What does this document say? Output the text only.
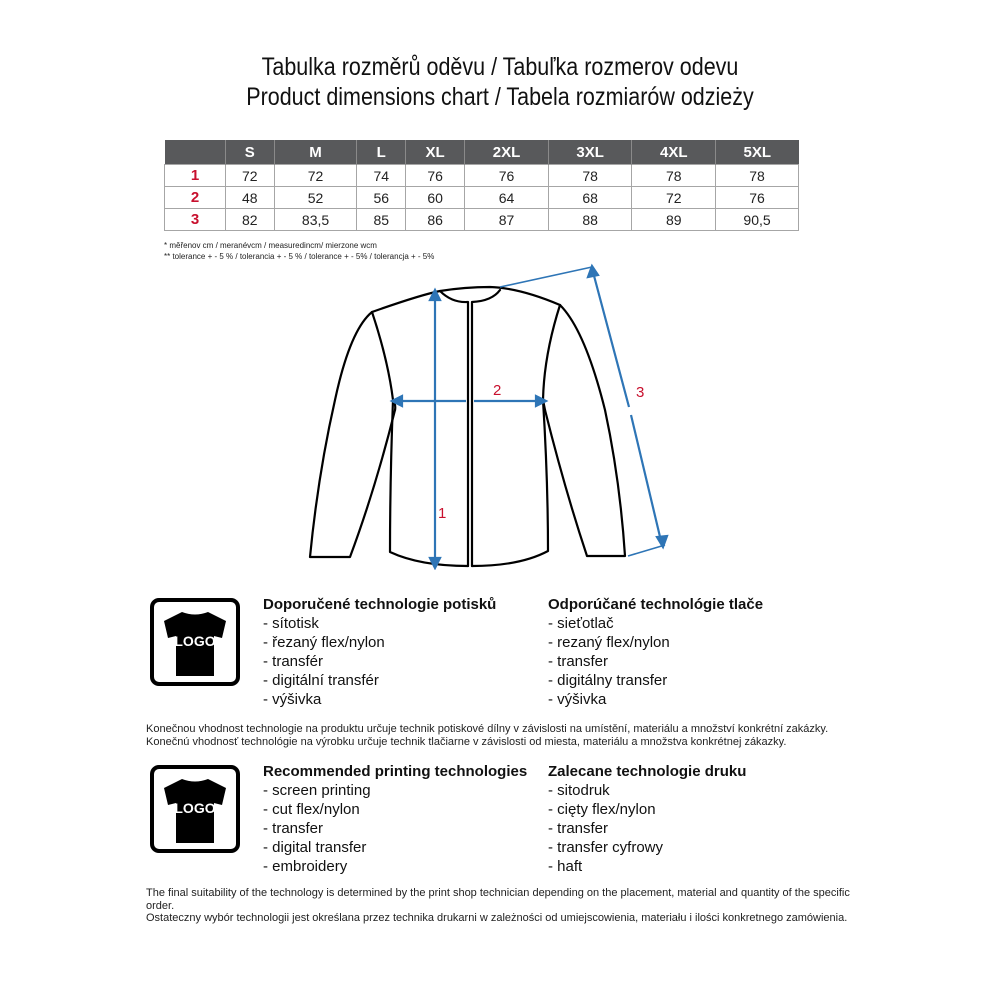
Tabulka rozměrů oděvu / Tabuľka rozmerov odevu
Product dimensions chart / Tabela rozmiarów odzieży
	S	M	L	XL	2XL	3XL	4XL	5XL
1	72	72	74	76	76	78	78	78
2	48	52	56	60	64	68	72	76
3	82	83,5	85	86	87	88	89	90,5
* měřenov cm / meranévcm / measuredincm/ mierzone wcm
** tolerance + - 5 % / tolerancia + - 5 % / tolerance + - 5% / tolerancja + - 5%
1
2	3
LOGO
Doporučené technologie potisků
- sítotisk
- řezaný flex/nylon
- transfér
- digitální transfér
- výšivka
Odporúčané technológie tlače
- sieťotlač
- rezaný flex/nylon
- transfer
- digitálny transfer
- výšivka

Konečnou vhodnost technologie na produktu určuje technik potiskové dílny v závislosti na umístění, materiálu a množství konkrétní zakázky.

Konečnú vhodnosť technológie na výrobku určuje technik tlačiarne v závislosti od miesta, materiálu a množstva konkrétnej zákazky.

LOGO
Recommended printing technologies
- screen printing
- cut flex/nylon
- transfer
- digital transfer
- embroidery
Zalecane technologie druku
- sitodruk
- cięty flex/nylon
- transfer
- transfer cyfrowy
- haft

The final suitability of the technology is determined by the print shop technician depending on the placement, material and quantity of the specific order.

Ostateczny wybór technologii jest określana przez technika drukarni w zależności od umiejscowienia, materiału i ilości konkretnego zamówienia.
